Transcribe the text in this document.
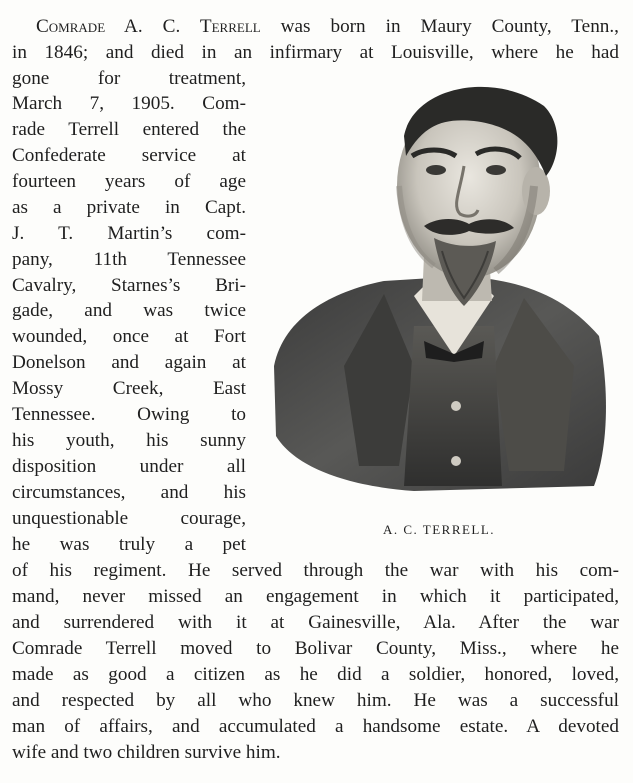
Comrade A. C. Terrell was born in Maury County, Tenn.,
in 1846; and died in an infirmary at Louisville, where he had
gone for treatment,
March 7, 1905. Com-
rade Terrell entered the
Confederate service at
fourteen years of age
as a private in Capt.
J. T. Martin’s com-
pany, 11th Tennessee
Cavalry, Starnes’s Bri-
gade, and was twice
wounded, once at Fort
Donelson and again at
Mossy Creek, East
Tennessee. Owing to
his youth, his sunny
disposition under all
circumstances, and his
unquestionable courage,
he was truly a pet
of his regiment. He served through the war with his com-
mand, never missed an engagement in which it participated,
and surrendered with it at Gainesville, Ala. After the war
Comrade Terrell moved to Bolivar County, Miss., where he
made as good a citizen as he did a soldier, honored, loved,
and respected by all who knew him. He was a successful
man of affairs, and accumulated a handsome estate. A devoted
wife and two children survive him.
A. C. TERRELL.
